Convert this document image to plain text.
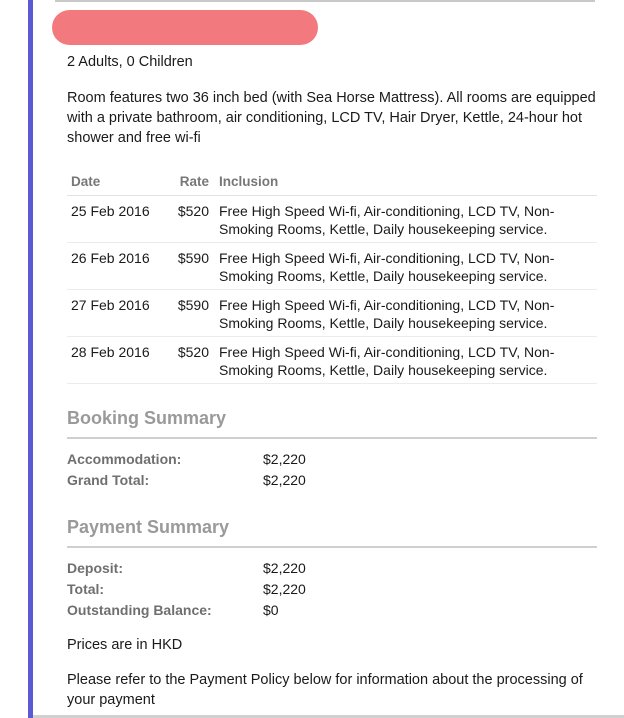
2 Adults, 0 Children

Room features two 36 inch bed (with Sea Horse Mattress). All rooms are equipped with a private bathroom, air conditioning, LCD TV, Hair Dryer, Kettle, 24-hour hot shower and free wi-fi

Date	Rate	Inclusion
25 Feb 2016	$520	Free High Speed Wi-fi, Air-conditioning, LCD TV, Non-Smoking Rooms, Kettle, Daily housekeeping service.
26 Feb 2016	$590	Free High Speed Wi-fi, Air-conditioning, LCD TV, Non-Smoking Rooms, Kettle, Daily housekeeping service.
27 Feb 2016	$590	Free High Speed Wi-fi, Air-conditioning, LCD TV, Non-Smoking Rooms, Kettle, Daily housekeeping service.
28 Feb 2016	$520	Free High Speed Wi-fi, Air-conditioning, LCD TV, Non-Smoking Rooms, Kettle, Daily housekeeping service.
Booking Summary
Accommodation:	$2,220
Grand Total:	$2,220
Payment Summary
Deposit:	$2,220
Total:	$2,220
Outstanding Balance:	$0

Prices are in HKD

Please refer to the Payment Policy below for information about the processing of your payment
